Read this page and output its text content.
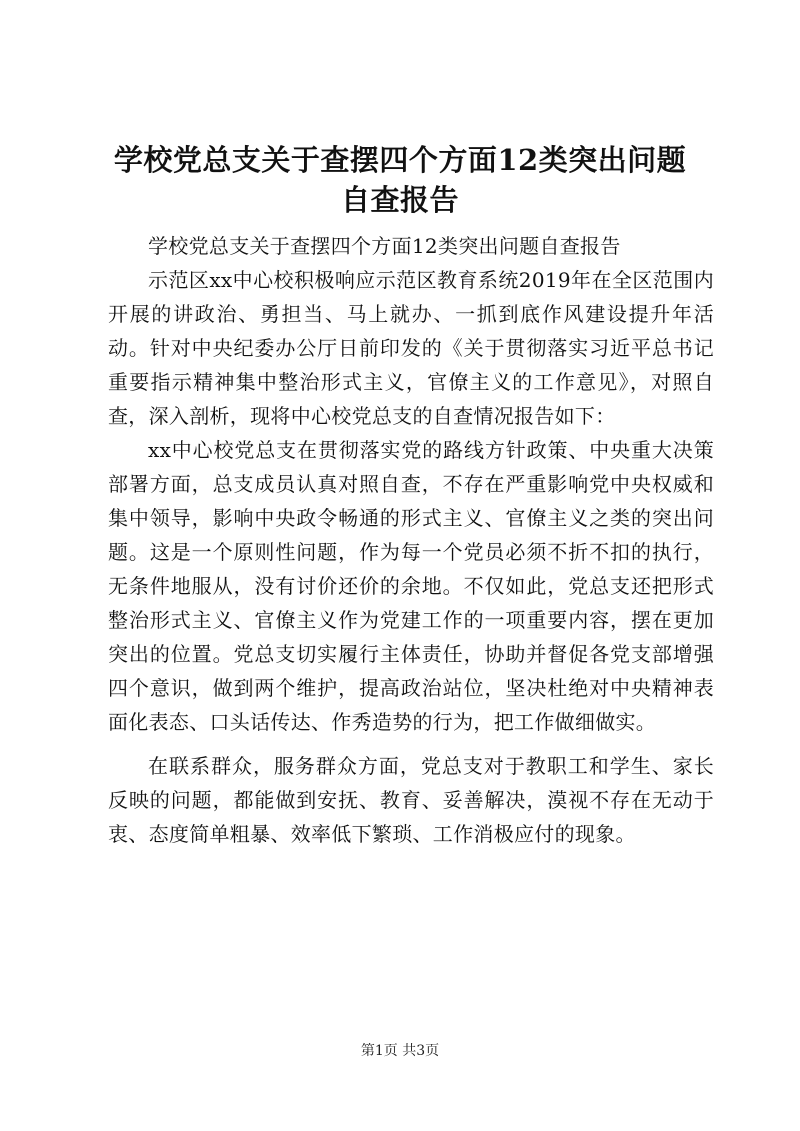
学校党总支关于查摆四个方面12类突出问题
自查报告

学校党总支关于查摆四个方面12类突出问题自查报告

示范区xx中心校积极响应示范区教育系统2019年在全区范围内开展的讲政治、勇担当、马上就办、一抓到底作风建设提升年活动。针对中央纪委办公厅日前印发的《关于贯彻落实习近平总书记重要指示精神集中整治形式主义，官僚主义的工作意见》，对照自查，深入剖析，现将中心校党总支的自查情况报告如下：

xx中心校党总支在贯彻落实党的路线方针政策、中央重大决策部署方面，总支成员认真对照自查，不存在严重影响党中央权威和集中领导，影响中央政令畅通的形式主义、官僚主义之类的突出问题。这是一个原则性问题，作为每一个党员必须不折不扣的执行，无条件地服从，没有讨价还价的余地。不仅如此，党总支还把形式整治形式主义、官僚主义作为党建工作的一项重要内容，摆在更加突出的位置。党总支切实履行主体责任，协助并督促各党支部增强四个意识，做到两个维护，提高政治站位，坚决杜绝对中央精神表面化表态、口头话传达、作秀造势的行为，把工作做细做实。

在联系群众，服务群众方面，党总支对于教职工和学生、家长反映的问题，都能做到安抚、教育、妥善解决，漠视不存在无动于衷、态度简单粗暴、效率低下繁琐、工作消极应付的现象。

第1页 共3页
